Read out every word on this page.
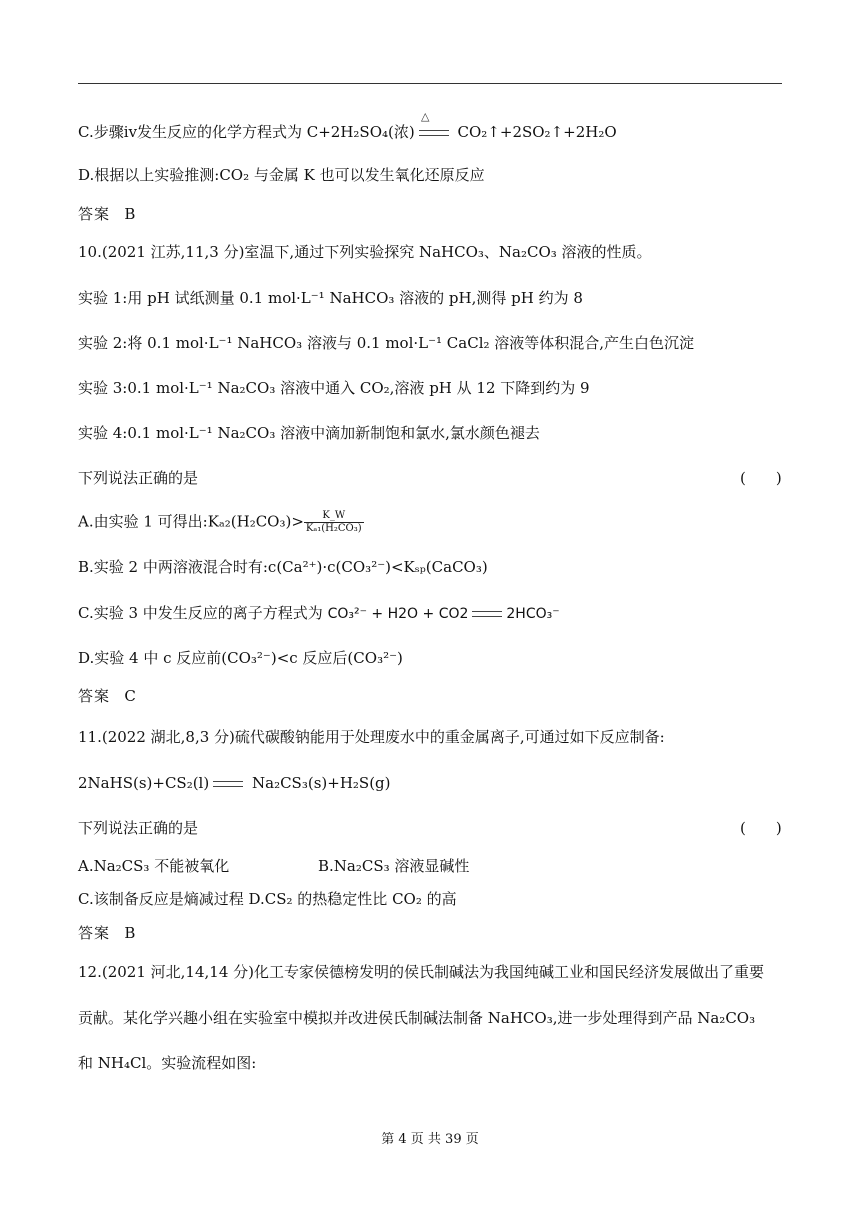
C.步骤ⅳ发生反应的化学方程式为 C+2H₂SO₄(浓)	CO₂↑+2SO₂↑+2H₂O
△
D.根据以上实验推测:CO₂ 与金属 K 也可以发生氧化还原反应
答案 B
10.(2021 江苏,11,3 分)室温下,通过下列实验探究 NaHCO₃、Na₂CO₃ 溶液的性质。
实验 1:用 pH 试纸测量 0.1 mol·L⁻¹ NaHCO₃ 溶液的 pH,测得 pH 约为 8
实验 2:将 0.1 mol·L⁻¹ NaHCO₃ 溶液与 0.1 mol·L⁻¹ CaCl₂ 溶液等体积混合,产生白色沉淀
实验 3:0.1 mol·L⁻¹ Na₂CO₃ 溶液中通入 CO₂,溶液 pH 从 12 下降到约为 9
实验 4:0.1 mol·L⁻¹ Na₂CO₃ 溶液中滴加新制饱和氯水,氯水颜色褪去
下列说法正确的是	(　　)
A.由实验 1 可得出:Kₐ₂(H₂CO₃)> $\frac{K\_W}{\text{Kₐ₁(H₂CO₃)}}$
B.实验 2 中两溶液混合时有:c(Ca²⁺)·c(CO₃²⁻)<Kₛₚ(CaCO₃)
C.实验 3 中发生反应的离子方程式为 CO₃²⁻ + H2O + CO2	2HCO₃⁻
D.实验 4 中 c 反应前(CO₃²⁻)<c 反应后(CO₃²⁻)
答案 C
11.(2022 湖北,8,3 分)硫代碳酸钠能用于处理废水中的重金属离子,可通过如下反应制备:
2NaHS(s)+CS₂(l)	Na₂CS₃(s)+H₂S(g)
下列说法正确的是	(　　)
A.Na₂CS₃ 不能被氧化	B.Na₂CS₃ 溶液显碱性
C.该制备反应是熵减过程 D.CS₂ 的热稳定性比 CO₂ 的高
答案 B
12.(2021 河北,14,14 分)化工专家侯德榜发明的侯氏制碱法为我国纯碱工业和国民经济发展做出了重要
贡献。某化学兴趣小组在实验室中模拟并改进侯氏制碱法制备 NaHCO₃,进一步处理得到产品 Na₂CO₃
和 NH₄Cl。实验流程如图:
第 4 页 共 39 页
